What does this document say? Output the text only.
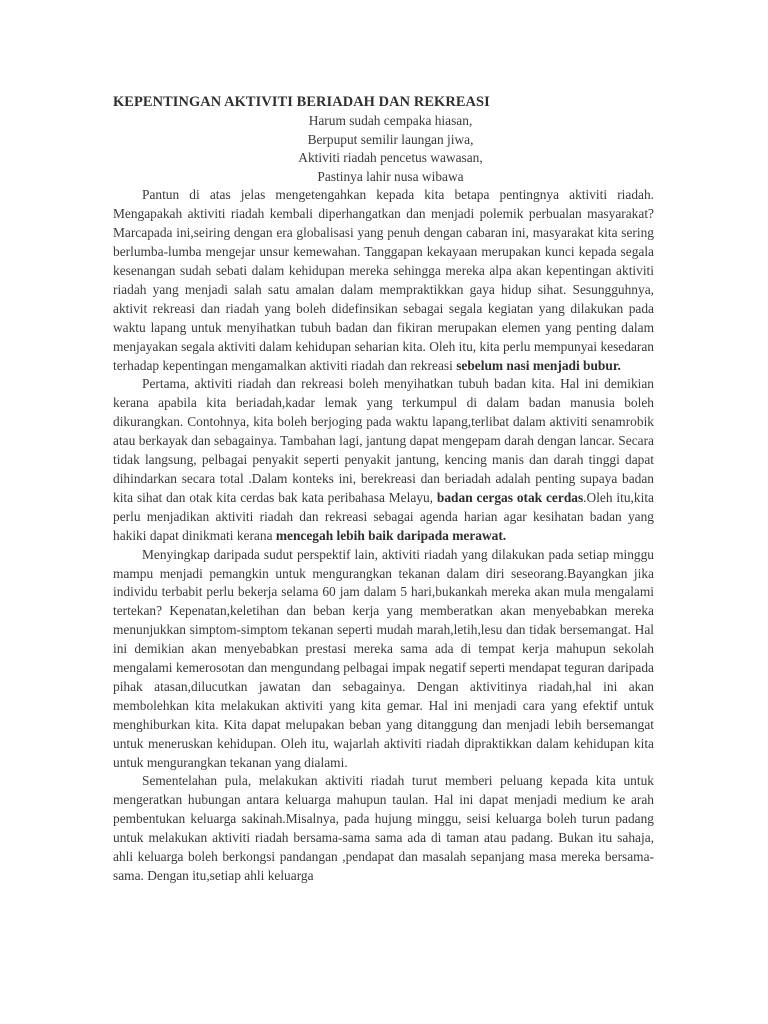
KEPENTINGAN AKTIVITI BERIADAH DAN REKREASI
Harum sudah cempaka hiasan,
Berpuput semilir laungan jiwa,
Aktiviti riadah pencetus wawasan,
Pastinya lahir nusa wibawa

Pantun di atas jelas mengetengahkan kepada kita betapa pentingnya aktiviti riadah. Mengapakah aktiviti riadah kembali diperhangatkan dan menjadi polemik perbualan masyarakat? Marcapada ini,seiring dengan era globalisasi yang penuh dengan cabaran ini, masyarakat kita sering berlumba-lumba mengejar unsur kemewahan. Tanggapan kekayaan merupakan kunci kepada segala kesenangan sudah sebati dalam kehidupan mereka sehingga mereka alpa akan kepentingan aktiviti riadah yang menjadi salah satu amalan dalam mempraktikkan gaya hidup sihat. Sesungguhnya, aktivit rekreasi dan riadah yang boleh didefinsikan sebagai segala kegiatan yang dilakukan pada waktu lapang untuk menyihatkan tubuh badan dan fikiran merupakan elemen yang penting dalam menjayakan segala aktiviti dalam kehidupan seharian kita. Oleh itu, kita perlu mempunyai kesedaran terhadap kepentingan mengamalkan aktiviti riadah dan rekreasi sebelum nasi menjadi bubur.

Pertama, aktiviti riadah dan rekreasi boleh menyihatkan tubuh badan kita. Hal ini demikian kerana apabila kita beriadah,kadar lemak yang terkumpul di dalam badan manusia boleh dikurangkan. Contohnya, kita boleh berjoging pada waktu lapang,terlibat dalam aktiviti senamrobik atau berkayak dan sebagainya. Tambahan lagi, jantung dapat mengepam darah dengan lancar. Secara tidak langsung, pelbagai penyakit seperti penyakit jantung, kencing manis dan darah tinggi dapat dihindarkan secara total .Dalam konteks ini, berekreasi dan beriadah adalah penting supaya badan kita sihat dan otak kita cerdas bak kata peribahasa Melayu, badan cergas otak cerdas.Oleh itu,kita perlu menjadikan aktiviti riadah dan rekreasi sebagai agenda harian agar kesihatan badan yang hakiki dapat dinikmati kerana mencegah lebih baik daripada merawat.

Menyingkap daripada sudut perspektif lain, aktiviti riadah yang dilakukan pada setiap minggu mampu menjadi pemangkin untuk mengurangkan tekanan dalam diri seseorang.Bayangkan jika individu terbabit perlu bekerja selama 60 jam dalam 5 hari,bukankah mereka akan mula mengalami tertekan? Kepenatan,keletihan dan beban kerja yang memberatkan akan menyebabkan mereka menunjukkan simptom-simptom tekanan seperti mudah marah,letih,lesu dan tidak bersemangat. Hal ini demikian akan menyebabkan prestasi mereka sama ada di tempat kerja mahupun sekolah mengalami kemerosotan dan mengundang pelbagai impak negatif seperti mendapat teguran daripada pihak atasan,dilucutkan jawatan dan sebagainya. Dengan aktivitinya riadah,hal ini akan membolehkan kita melakukan aktiviti yang kita gemar. Hal ini menjadi cara yang efektif untuk menghiburkan kita. Kita dapat melupakan beban yang ditanggung dan menjadi lebih bersemangat untuk meneruskan kehidupan. Oleh itu, wajarlah aktiviti riadah dipraktikkan dalam kehidupan kita untuk mengurangkan tekanan yang dialami.

Sementelahan pula, melakukan aktiviti riadah turut memberi peluang kepada kita untuk mengeratkan hubungan antara keluarga mahupun taulan. Hal ini dapat menjadi medium ke arah pembentukan keluarga sakinah.Misalnya, pada hujung minggu, seisi keluarga boleh turun padang untuk melakukan aktiviti riadah bersama-sama sama ada di taman atau padang. Bukan itu sahaja, ahli keluarga boleh berkongsi pandangan ,pendapat dan masalah sepanjang masa mereka bersama-sama. Dengan itu,setiap ahli keluarga
